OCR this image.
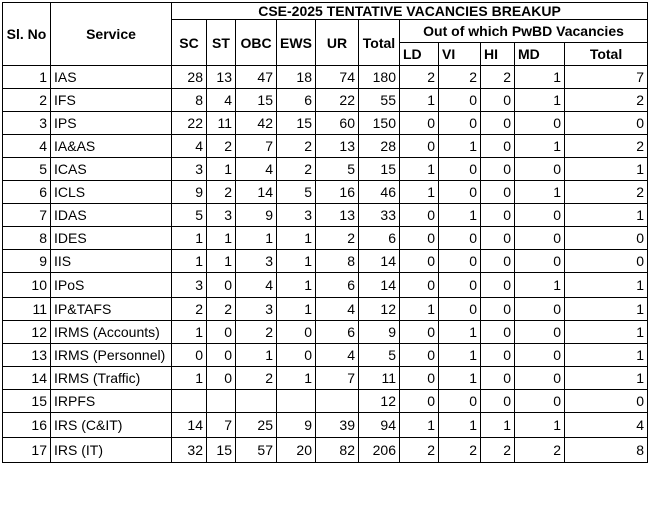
Sl. No	Service	CSE-2025 TENTATIVE VACANCIES BREAKUP										
		SC	ST	OBC	EWS	UR	Total	Out of which PwBD Vacancies				
								LD	VI	HI	MD	Total
1	IAS	28	13	47	18	74	180	2	2	2	1	7
2	IFS	8	4	15	6	22	55	1	0	0	1	2
3	IPS	22	11	42	15	60	150	0	0	0	0	0
4	IA&AS	4	2	7	2	13	28	0	1	0	1	2
5	ICAS	3	1	4	2	5	15	1	0	0	0	1
6	ICLS	9	2	14	5	16	46	1	0	0	1	2
7	IDAS	5	3	9	3	13	33	0	1	0	0	1
8	IDES	1	1	1	1	2	6	0	0	0	0	0
9	IIS	1	1	3	1	8	14	0	0	0	0	0
10	IPoS	3	0	4	1	6	14	0	0	0	1	1
11	IP&TAFS	2	2	3	1	4	12	1	0	0	0	1
12	IRMS (Accounts)	1	0	2	0	6	9	0	1	0	0	1
13	IRMS (Personnel)	0	0	1	0	4	5	0	1	0	0	1
14	IRMS (Traffic)	1	0	2	1	7	11	0	1	0	0	1
15	IRPFS						12	0	0	0	0	0
16	IRS (C&IT)	14	7	25	9	39	94	1	1	1	1	4
17	IRS (IT)	32	15	57	20	82	206	2	2	2	2	8
